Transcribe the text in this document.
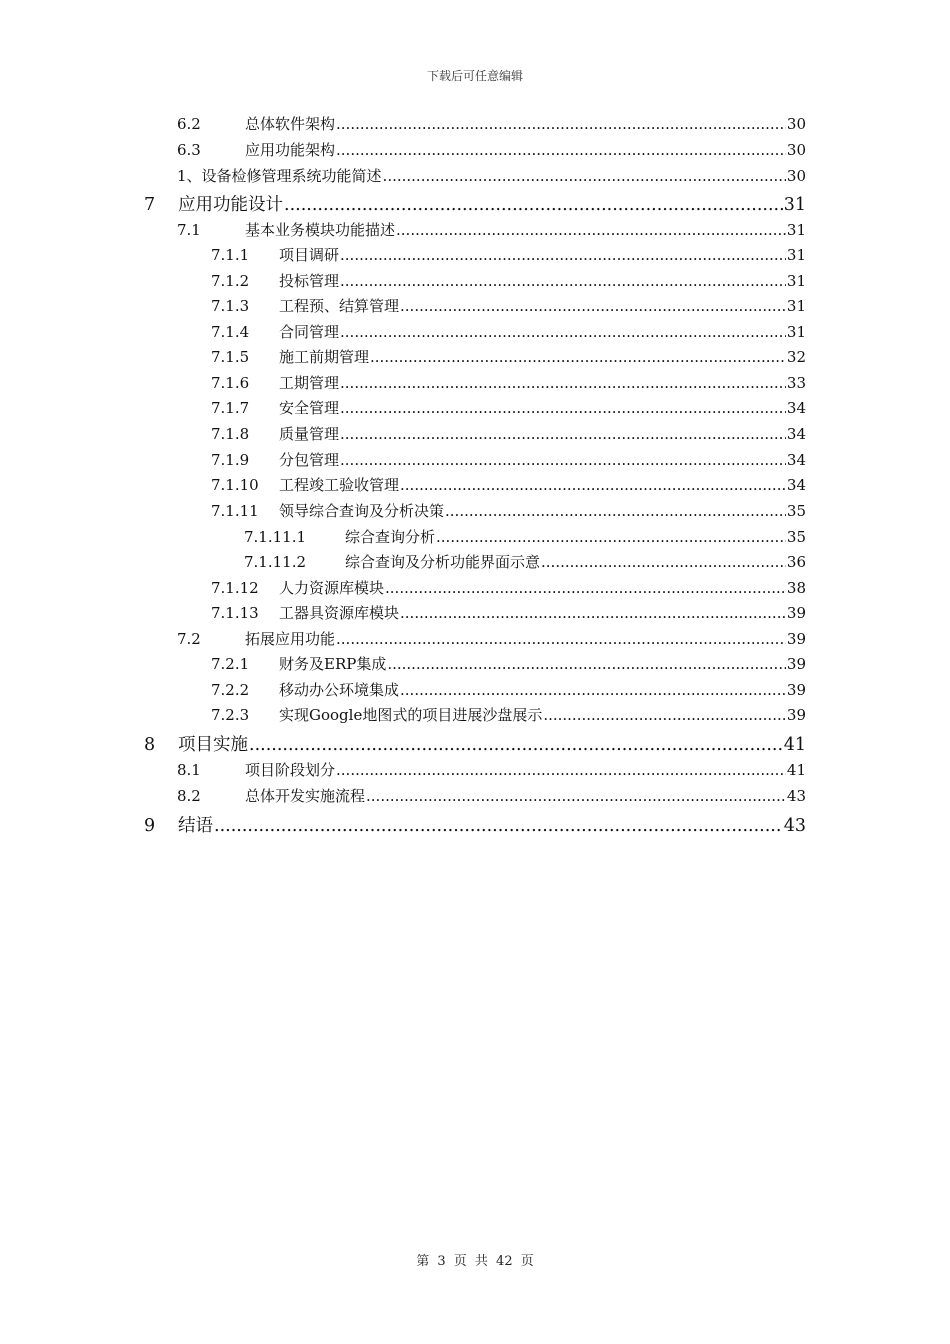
下载后可任意编辑
6.2	总体软件架构 .....	30
6.3	应用功能架构 .....	30
1、设备检修管理系统功能简述 .....	30
7	应用功能设计 .....	31
7.1	基本业务模块功能描述 .....	31
7.1.1	项目调研 .....	31
7.1.2	投标管理 .....	31
7.1.3	工程预、结算管理 .....	31
7.1.4	合同管理 .....	31
7.1.5	施工前期管理 .....	32
7.1.6	工期管理 .....	33
7.1.7	安全管理 .....	34
7.1.8	质量管理 .....	34
7.1.9	分包管理 .....	34
7.1.10	工程竣工验收管理 .....	34
7.1.11	领导综合查询及分析决策 .....	35
7.1.11.1	综合查询分析 .....	35
7.1.11.2	综合查询及分析功能界面示意 .....	36
7.1.12	人力资源库模块 .....	38
7.1.13	工器具资源库模块 .....	39
7.2	拓展应用功能 .....	39
7.2.1	财务及ERP集成 .....	39
7.2.2	移动办公环境集成 .....	39
7.2.3	实现Google地图式的项目进展沙盘展示 .....	39
8	项目实施 .....	41
8.1	项目阶段划分 .....	41
8.2	总体开发实施流程 .....	43
9	结语 .....	43
第 3 页 共 42 页
